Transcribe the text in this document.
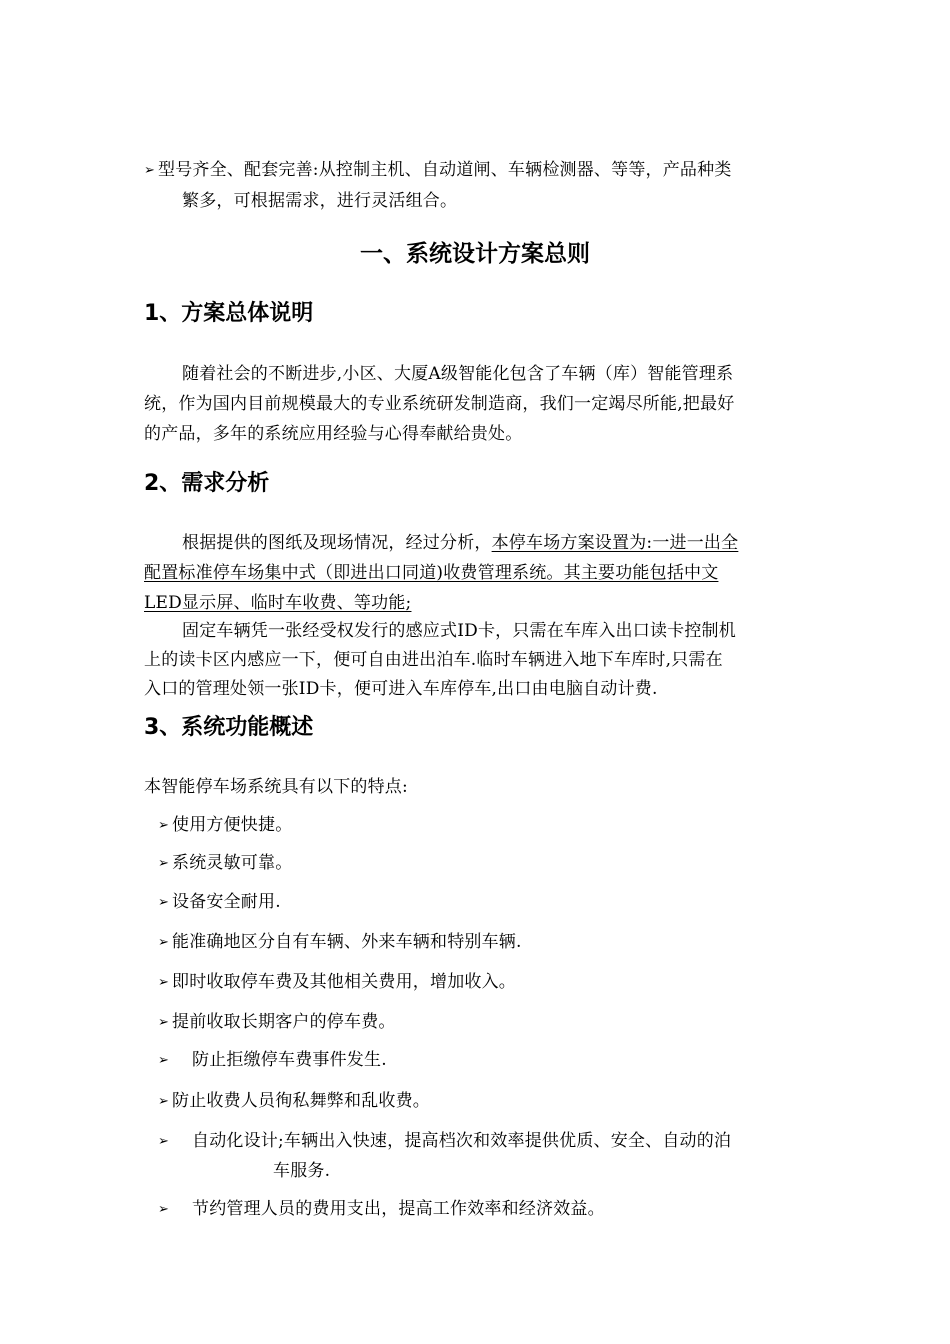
➢ 型号齐全、配套完善:从控制主机、自动道闸、车辆检测器、等等，产品种类
繁多，可根据需求，进行灵活组合。
一、系统设计方案总则
1、方案总体说明
随着社会的不断进步,小区、大厦A级智能化包含了车辆（库）智能管理系
统，作为国内目前规模最大的专业系统研发制造商，我们一定竭尽所能,把最好
的产品，多年的系统应用经验与心得奉献给贵处。
2、需求分析
根据提供的图纸及现场情况，经过分析，本停车场方案设置为:一进一出全
配置标准停车场集中式（即进出口同道)收费管理系统。其主要功能包括中文
LED显示屏、临时车收费、等功能;
固定车辆凭一张经受权发行的感应式ID卡，只需在车库入出口读卡控制机
上的读卡区内感应一下，便可自由进出泊车.临时车辆进入地下车库时,只需在
入口的管理处领一张ID卡，便可进入车库停车,出口由电脑自动计费.
3、系统功能概述
本智能停车场系统具有以下的特点:
➢ 使用方便快捷。
➢ 系统灵敏可靠。
➢ 设备安全耐用.
➢ 能准确地区分自有车辆、外来车辆和特别车辆.
➢ 即时收取停车费及其他相关费用，增加收入。
➢ 提前收取长期客户的停车费。
➢ 防止拒缴停车费事件发生.
➢ 防止收费人员徇私舞弊和乱收费。
➢ 自动化设计;车辆出入快速，提高档次和效率提供优质、安全、自动的泊
车服务.
➢ 节约管理人员的费用支出，提高工作效率和经济效益。
